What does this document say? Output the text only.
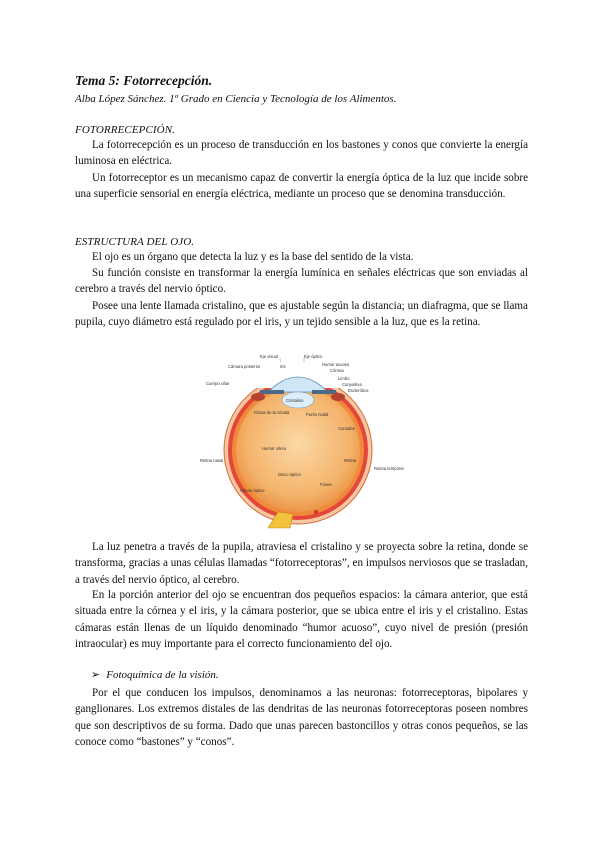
Tema 5: Fotorrecepción.
Alba López Sánchez. 1º Grado en Ciencia y Tecnología de los Alimentos.
FOTORRECEPCIÓN.

La fotorrecepción es un proceso de transducción en los bastones y conos que convierte la energía luminosa en eléctrica.

Un fotorreceptor es un mecanismo capaz de convertir la energía óptica de la luz que incide sobre una superficie sensorial en energía eléctrica, mediante un proceso que se denomina transducción.

ESTRUCTURA DEL OJO.

El ojo es un órgano que detecta la luz y es la base del sentido de la vista.

Su función consiste en transformar la energía lumínica en señales eléctricas que son enviadas al cerebro a través del nervio óptico.

Posee una lente llamada cristalino, que es ajustable según la distancia; un diafragma, que se llama pupila, cuyo diámetro está regulado por el iris, y un tejido sensible a la luz, que es la retina.

Eje visual	Eje óptico
Cámara posterior	Iris	Humor acuoso
Córnea
Cuerpo ciliar
Cristalino
Limbo
Conjuntiva
Esclerótica
Fibras de la zónula	Punto nodal
Coroides
Humor vítreo
Retina
Retina nasal
Retina temporal
Disco óptico
Fóvea
Nervio óptico

La luz penetra a través de la pupila, atraviesa el cristalino y se proyecta sobre la retina, donde se transforma, gracias a unas células llamadas “fotorreceptoras”, en impulsos nerviosos que se trasladan, a través del nervio óptico, al cerebro.

En la porción anterior del ojo se encuentran dos pequeños espacios: la cámara anterior, que está situada entre la córnea y el iris, y la cámara posterior, que se ubica entre el iris y el cristalino. Estas cámaras están llenas de un líquido denominado “humor acuoso”, cuyo nivel de presión (presión intraocular) es muy importante para el correcto funcionamiento del ojo.

➢ Fotoquímica de la visión.

Por el que conducen los impulsos, denominamos a las neuronas: fotorreceptoras, bipolares y ganglionares. Los extremos distales de las dendritas de las neuronas fotorreceptoras poseen nombres que son descriptivos de su forma. Dado que unas parecen bastoncillos y otras conos pequeños, se las conoce como “bastones” y “conos”.
